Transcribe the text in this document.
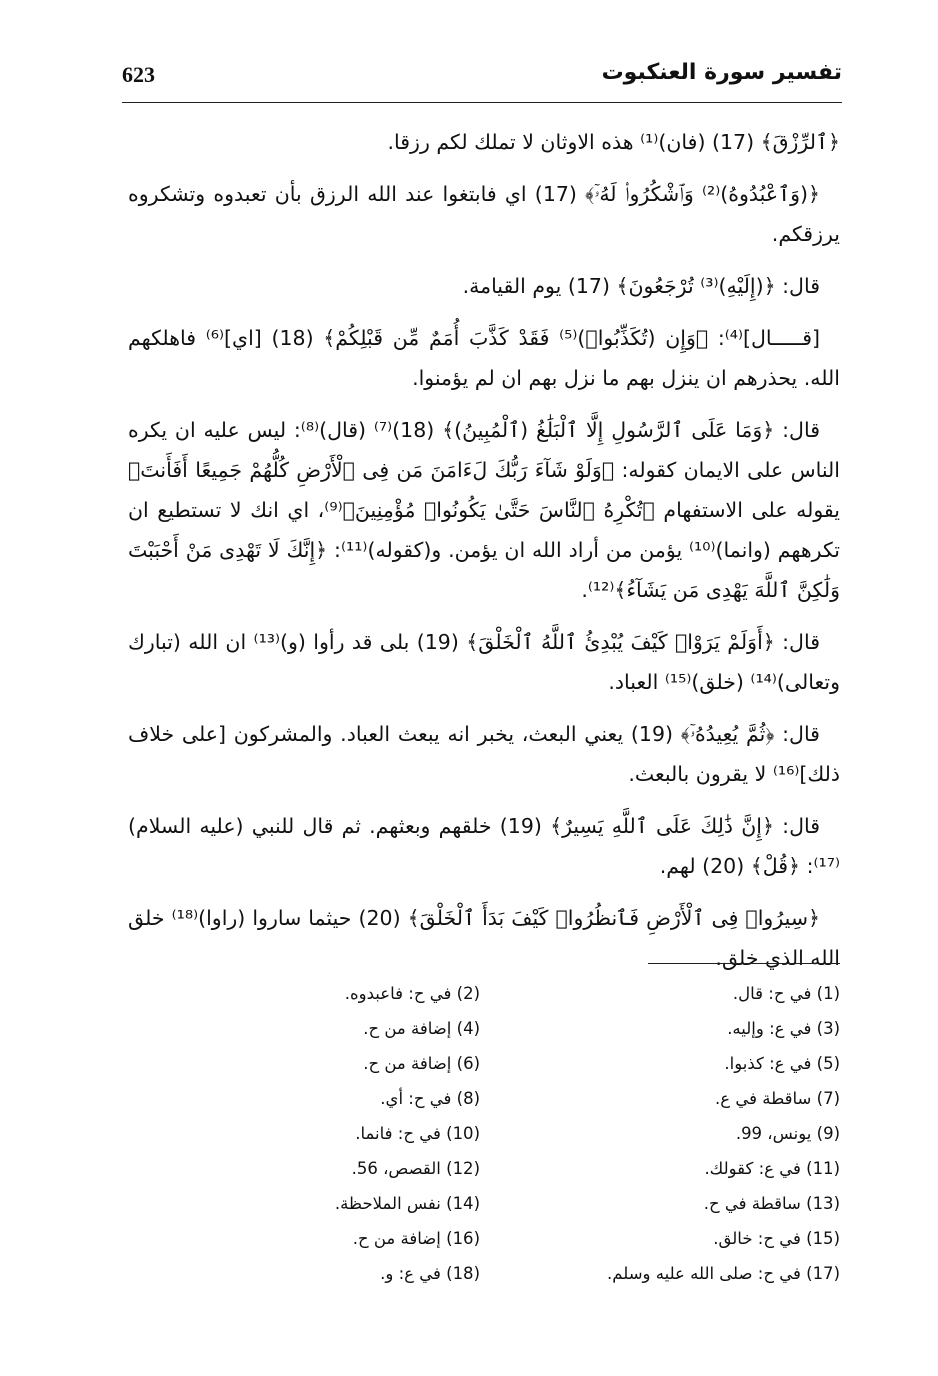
623	تفسير سورة العنكبوت

﴿ٱلرِّزْقَ﴾ (17) (فان)⁽¹⁾ هذه الاوثان لا تملك لكم رزقا.

﴿(وَٱعْبُدُوهُ)⁽²⁾ وَٱشْكُرُوا۟ لَهُۥٓ﴾ (17) اي فابتغوا عند الله الرزق بأن تعبدوه وتشكروه يرزقكم.

قال: ﴿(إِلَيْهِ)⁽³⁾ تُرْجَعُونَ﴾ (17) يوم القيامة.

[قـــــال]⁽⁴⁾: ﴿وَإِن (تُكَذِّبُوا۟)⁽⁵⁾ فَقَدْ كَذَّبَ أُمَمٌ مِّن قَبْلِكُمْ﴾ (18) [اي]⁽⁶⁾ فاهلكهم الله. يحذرهم ان ينزل بهم ما نزل بهم ان لم يؤمنوا.

قال: ﴿وَمَا عَلَى ٱلرَّسُولِ إِلَّا ٱلْبَلَٰغُ (ٱلْمُبِينُ)﴾ (18)⁽⁷⁾ (قال)⁽⁸⁾: ليس عليه ان يكره الناس على الايمان كقوله: ﴿وَلَوْ شَآءَ رَبُّكَ لَءَامَنَ مَن فِى ٱلْأَرْضِ كُلُّهُمْ جَمِيعًا أَفَأَنتَ﴾ يقوله على الاستفهام ﴿تُكْرِهُ ٱلنَّاسَ حَتَّىٰ يَكُونُوا۟ مُؤْمِنِينَ﴾⁽⁹⁾، اي انك لا تستطيع ان تكرههم (وانما)⁽¹⁰⁾ يؤمن من أراد الله ان يؤمن. و(كقوله)⁽¹¹⁾: ﴿إِنَّكَ لَا تَهْدِى مَنْ أَحْبَبْتَ وَلَٰكِنَّ ٱللَّهَ يَهْدِى مَن يَشَآءُ﴾⁽¹²⁾.

قال: ﴿أَوَلَمْ يَرَوْا۟ كَيْفَ يُبْدِئُ ٱللَّهُ ٱلْخَلْقَ﴾ (19) بلى قد رأوا (و)⁽¹³⁾ ان الله (تبارك وتعالى)⁽¹⁴⁾ (خلق)⁽¹⁵⁾ العباد.

قال: ﴿ثُمَّ يُعِيدُهُۥٓ﴾ (19) يعني البعث، يخبر انه يبعث العباد. والمشركون [على خلاف ذلك]⁽¹⁶⁾ لا يقرون بالبعث.

قال: ﴿إِنَّ ذَٰلِكَ عَلَى ٱللَّهِ يَسِيرٌ﴾ (19) خلقهم وبعثهم. ثم قال للنبي (عليه السلام)⁽¹⁷⁾: ﴿قُلْ﴾ (20) لهم.

﴿سِيرُوا۟ فِى ٱلْأَرْضِ فَٱنظُرُوا۟ كَيْفَ بَدَأَ ٱلْخَلْقَ﴾ (20) حيثما ساروا (راوا)⁽¹⁸⁾ خلق الله الذي خلق.

(1) في ح: قال.
(2) في ح: فاعبدوه.
(3) في ع: وإليه.
(4) إضافة من ح.
(5) في ع: كذبوا.
(6) إضافة من ح.
(7) ساقطة في ع.
(8) في ح: أي.
(9) يونس، 99.
(10) في ح: فانما.
(11) في ع: كقولك.
(12) القصص، 56.
(13) ساقطة في ح.
(14) نفس الملاحظة.
(15) في ح: خالق.
(16) إضافة من ح.
(17) في ح: صلى الله عليه وسلم.
(18) في ع: و.
